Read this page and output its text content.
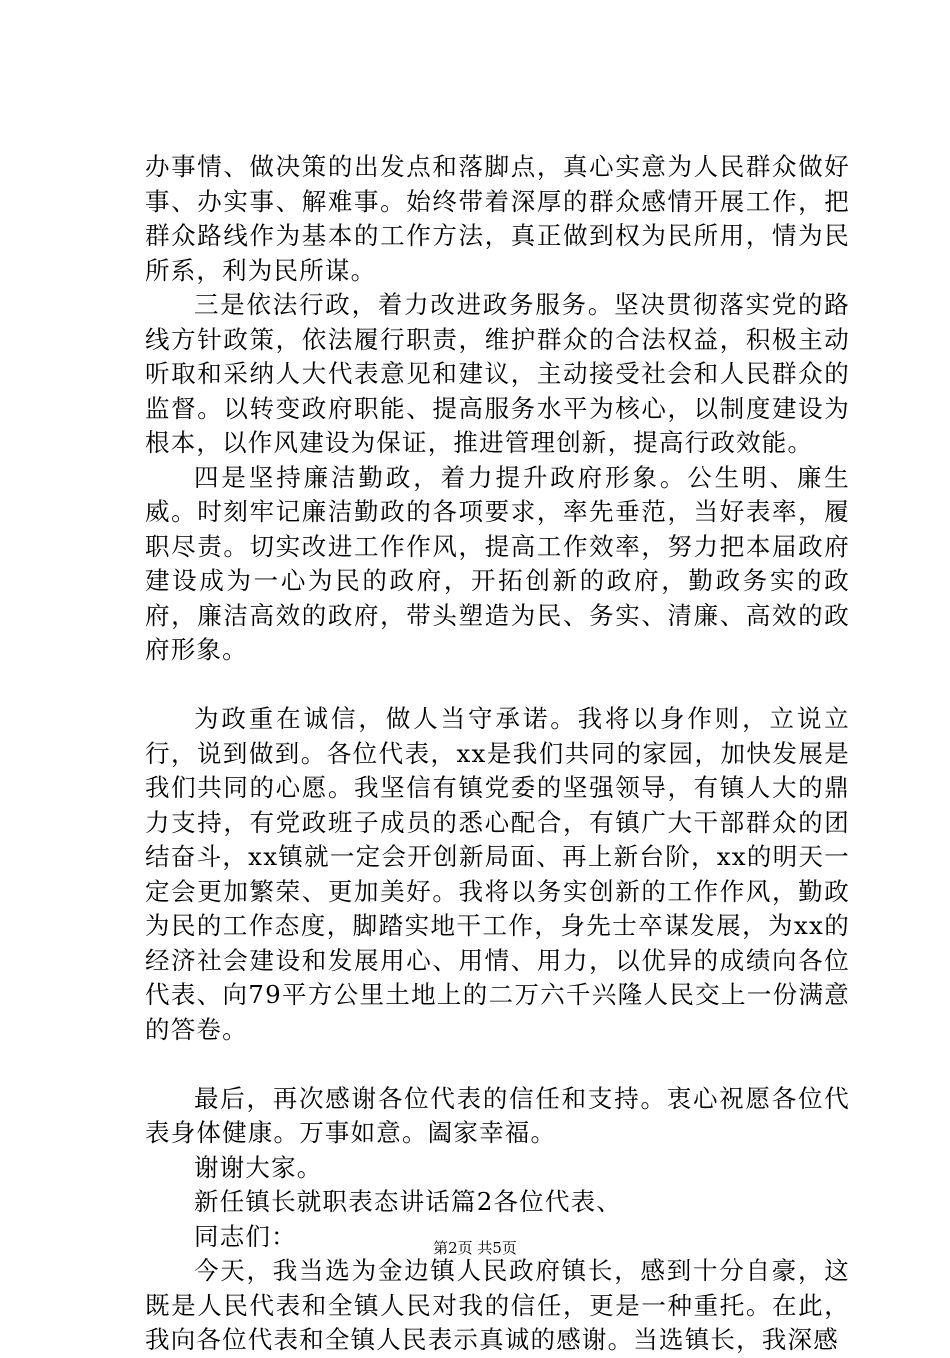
办事情、做决策的出发点和落脚点，真心实意为人民群众做好事、办实事、解难事。始终带着深厚的群众感情开展工作，把群众路线作为基本的工作方法，真正做到权为民所用，情为民所系，利为民所谋。

三是依法行政，着力改进政务服务。坚决贯彻落实党的路线方针政策，依法履行职责，维护群众的合法权益，积极主动听取和采纳人大代表意见和建议，主动接受社会和人民群众的监督。以转变政府职能、提高服务水平为核心，以制度建设为根本，以作风建设为保证，推进管理创新，提高行政效能。

四是坚持廉洁勤政，着力提升政府形象。公生明、廉生威。时刻牢记廉洁勤政的各项要求，率先垂范，当好表率，履职尽责。切实改进工作作风，提高工作效率，努力把本届政府建设成为一心为民的政府，开拓创新的政府，勤政务实的政府，廉洁高效的政府，带头塑造为民、务实、清廉、高效的政府形象。

为政重在诚信，做人当守承诺。我将以身作则，立说立行，说到做到。各位代表，xx是我们共同的家园，加快发展是我们共同的心愿。我坚信有镇党委的坚强领导，有镇人大的鼎力支持，有党政班子成员的悉心配合，有镇广大干部群众的团结奋斗，xx镇就一定会开创新局面、再上新台阶，xx的明天一定会更加繁荣、更加美好。我将以务实创新的工作作风，勤政为民的工作态度，脚踏实地干工作，身先士卒谋发展，为xx的经济社会建设和发展用心、用情、用力，以优异的成绩向各位代表、向79平方公里土地上的二万六千兴隆人民交上一份满意的答卷。

最后，再次感谢各位代表的信任和支持。衷心祝愿各位代表身体健康。万事如意。阖家幸福。

谢谢大家。

新任镇长就职表态讲话篇2各位代表、

同志们：

今天，我当选为金边镇人民政府镇长，感到十分自豪，这既是人民代表和全镇人民对我的信任，更是一种重托。在此，我向各位代表和全镇人民表示真诚的感谢。当选镇长，我深感

第2页 共5页
